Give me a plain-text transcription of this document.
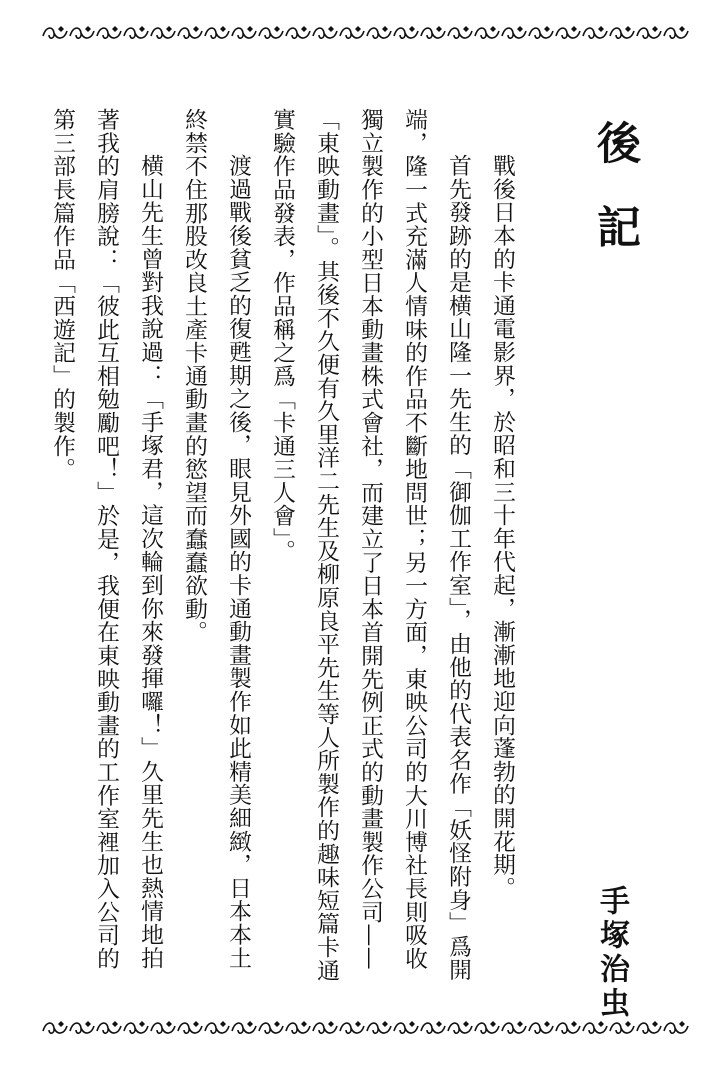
後記

戰後日本的卡通電影界，於昭和三十年代起，漸漸地迎向蓬勃的開花期。

首先發跡的是横山隆一先生的「御伽工作室」，由他的代表名作「妖怪附身」爲開端，隆一式充滿人情味的作品不斷地問世；另一方面，東映公司的大川博社長則吸收獨立製作的小型日本動畫株式會社，而建立了日本首開先例正式的動畫製作公司——「東映動畫」。其後不久便有久里洋二先生及柳原良平先生等人所製作的趣味短篇卡通實驗作品發表，作品稱之爲「卡通三人會」。

渡過戰後貧乏的復甦期之後，眼見外國的卡通動畫製作如此精美細緻，日本本土終禁不住那股改良土產卡通動畫的慾望而蠢蠢欲動。

横山先生曾對我說過：「手塚君，這次輪到你來發揮囉！」久里先生也熱情地拍著我的肩膀說：「彼此互相勉勵吧！」於是，我便在東映動畫的工作室裡加入公司的第三部長篇作品「西遊記」的製作。

手塚治虫
